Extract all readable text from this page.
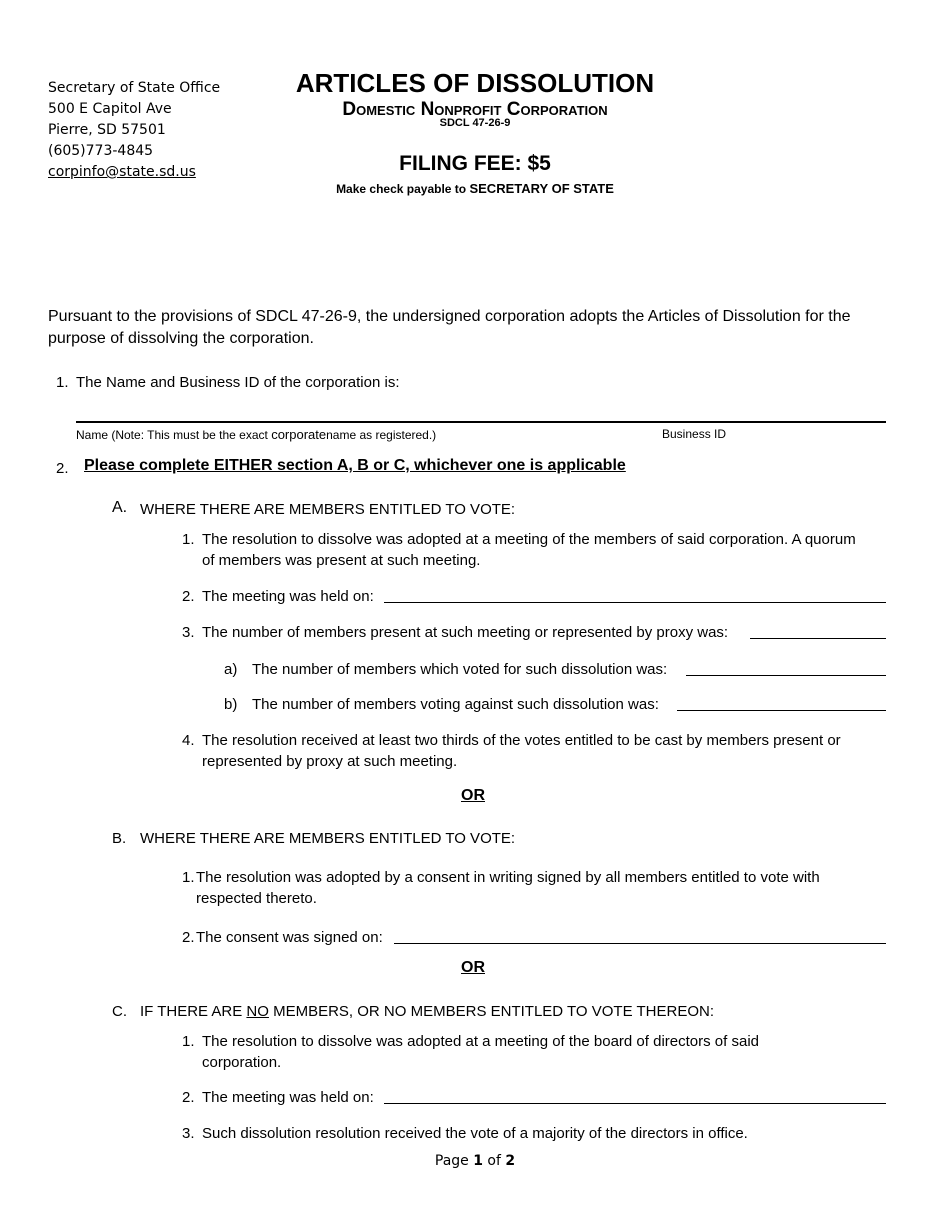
Secretary of State Office
500 E Capitol Ave
Pierre, SD 57501
(605)773-4845
corpinfo@state.sd.us
ARTICLES OF DISSOLUTION
Domestic Nonprofit Corporation
SDCL 47-26-9
FILING FEE: $5
Make check payable to SECRETARY OF STATE
Pursuant to the provisions of SDCL 47-26-9, the undersigned corporation adopts the Articles of Dissolution for the purpose of dissolving the corporation.
1. The Name and Business ID of the corporation is:
Name (Note: This must be the exact corporatename as registered.)	Business ID
2. Please complete EITHER section A, B or C, whichever one is applicable
A. WHERE THERE ARE MEMBERS ENTITLED TO VOTE:
1. The resolution to dissolve was adopted at a meeting of the members of said corporation. A quorum of members was present at such meeting.
2. The meeting was held on:
3. The number of members present at such meeting or represented by proxy was:
a) The number of members which voted for such dissolution was:
b) The number of members voting against such dissolution was:
4. The resolution received at least two thirds of the votes entitled to be cast by members present or represented by proxy at such meeting.
OR
B. WHERE THERE ARE MEMBERS ENTITLED TO VOTE:
1. The resolution was adopted by a consent in writing signed by all members entitled to vote with respected thereto.
2. The consent was signed on:
OR
C. IF THERE ARE NO MEMBERS, OR NO MEMBERS ENTITLED TO VOTE THEREON:
1. The resolution to dissolve was adopted at a meeting of the board of directors of said corporation.
2. The meeting was held on:
3. Such dissolution resolution received the vote of a majority of the directors in office.
Page 1 of 2
